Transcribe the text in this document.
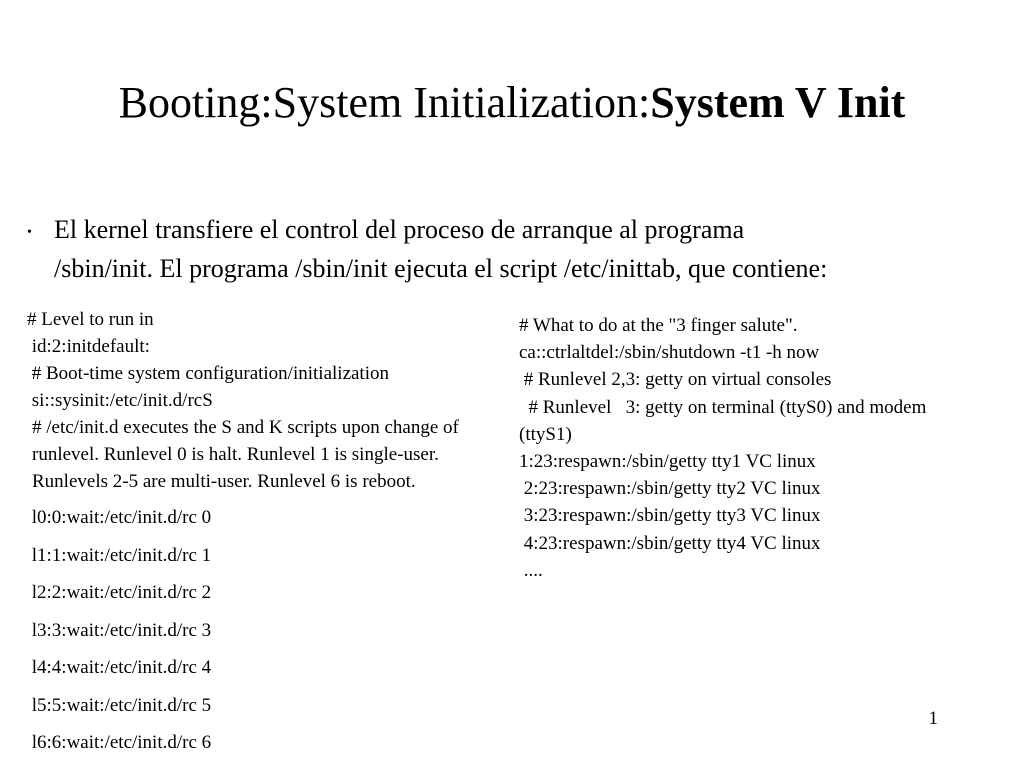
Booting:System Initialization:System V Init
• El kernel transfiere el control del proceso de arranque al programa
/sbin/init. El programa /sbin/init ejecuta el script /etc/inittab, que contiene:
# Level to run in
id:2:initdefault:
# Boot-time system configuration/initialization
si::sysinit:/etc/init.d/rcS
# /etc/init.d executes the S and K scripts upon change of runlevel. Runlevel 0 is halt. Runlevel 1 is single-user. Runlevels 2-5 are multi-user. Runlevel 6 is reboot.
l0:0:wait:/etc/init.d/rc 0
l1:1:wait:/etc/init.d/rc 1
l2:2:wait:/etc/init.d/rc 2
l3:3:wait:/etc/init.d/rc 3
l4:4:wait:/etc/init.d/rc 4
l5:5:wait:/etc/init.d/rc 5
l6:6:wait:/etc/init.d/rc 6
# What to do at the "3 finger salute".
ca::ctrlaltdel:/sbin/shutdown -t1 -h now
# Runlevel 2,3: getty on virtual consoles
# Runlevel   3: getty on terminal (ttyS0) and modem
(ttyS1)
1:23:respawn:/sbin/getty tty1 VC linux
2:23:respawn:/sbin/getty tty2 VC linux
3:23:respawn:/sbin/getty tty3 VC linux
4:23:respawn:/sbin/getty tty4 VC linux
....
1
